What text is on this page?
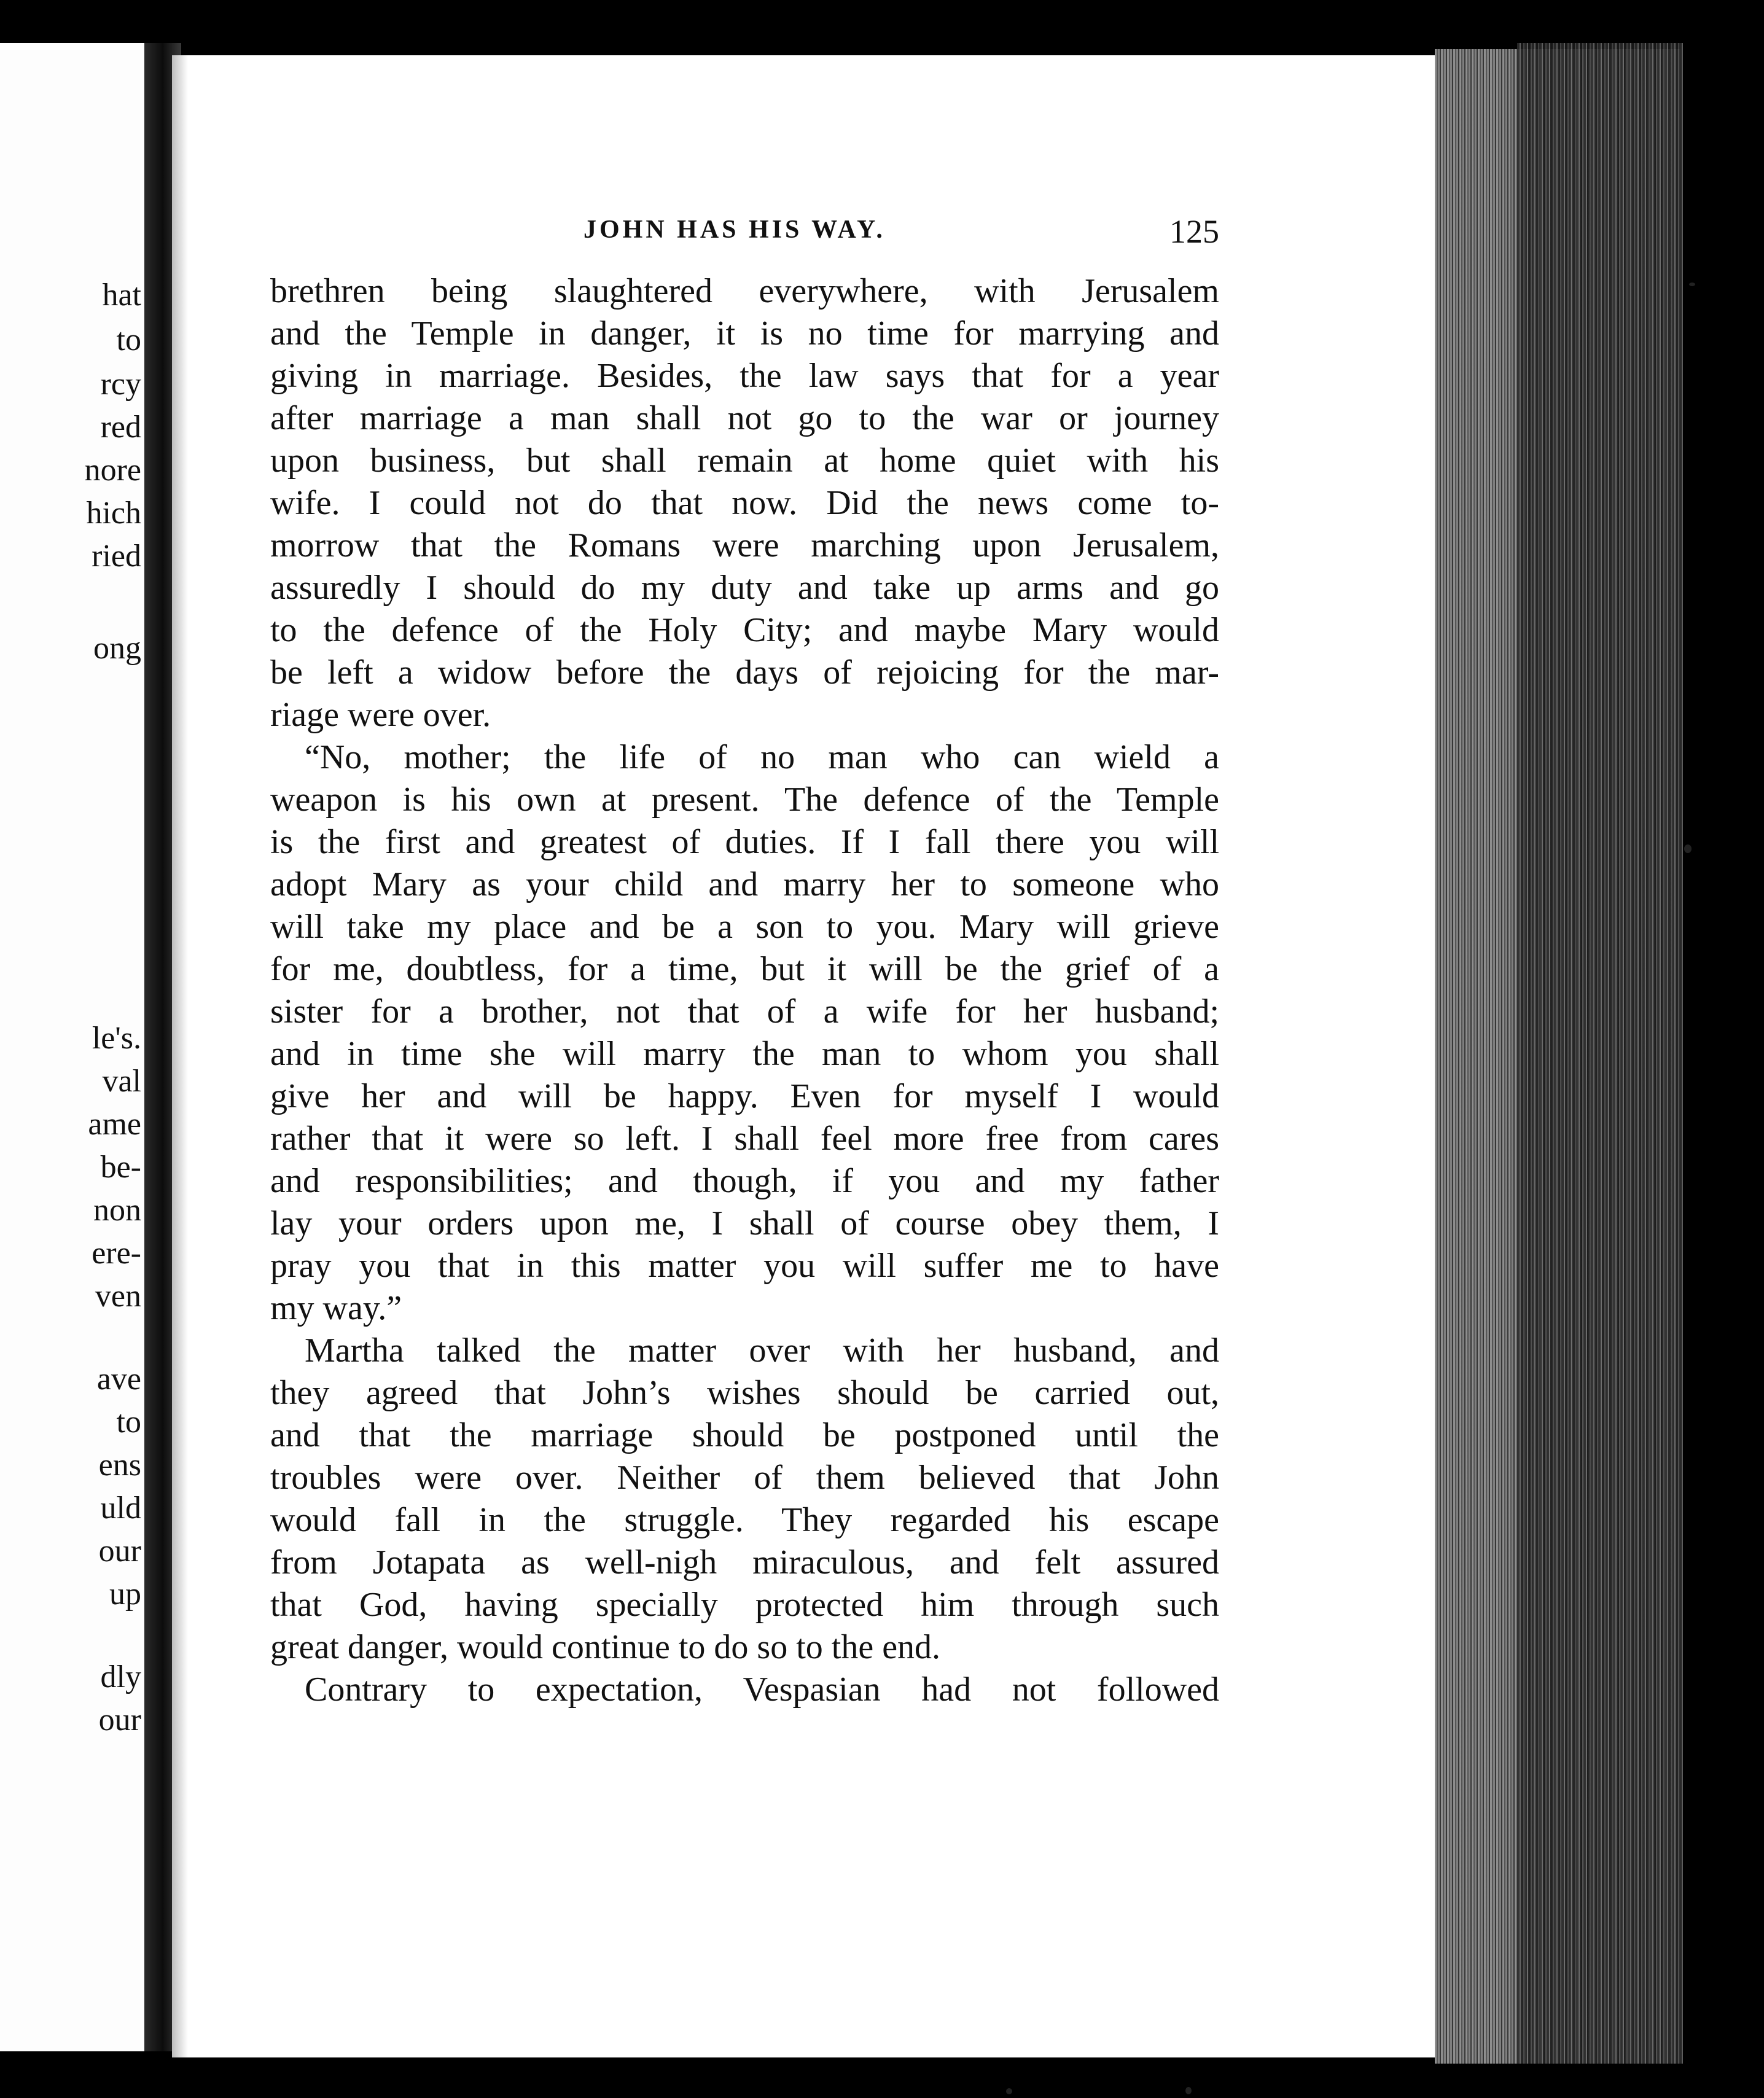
hat

to

rcy

red

nore

hich

ried

ong

le's.

val

ame

be-

non

ere-

ven

ave

to

ens

uld

our

up

dly

our

JOHN HAS HIS WAY.	125
brethren being slaughtered everywhere, with Jerusalem
and the Temple in danger, it is no time for marrying and
giving in marriage. Besides, the law says that for a year
after marriage a man shall not go to the war or journey
upon business, but shall remain at home quiet with his
wife. I could not do that now. Did the news come to-
morrow that the Romans were marching upon Jerusalem,
assuredly I should do my duty and take up arms and go
to the defence of the Holy City; and maybe Mary would
be left a widow before the days of rejoicing for the mar-
riage were over.
“No, mother; the life of no man who can wield a
weapon is his own at present. The defence of the Temple
is the first and greatest of duties. If I fall there you will
adopt Mary as your child and marry her to someone who
will take my place and be a son to you. Mary will grieve
for me, doubtless, for a time, but it will be the grief of a
sister for a brother, not that of a wife for her husband;
and in time she will marry the man to whom you shall
give her and will be happy. Even for myself I would
rather that it were so left. I shall feel more free from cares
and responsibilities; and though, if you and my father
lay your orders upon me, I shall of course obey them, I
pray you that in this matter you will suffer me to have
my way.”
Martha talked the matter over with her husband, and
they agreed that John’s wishes should be carried out,
and that the marriage should be postponed until the
troubles were over. Neither of them believed that John
would fall in the struggle. They regarded his escape
from Jotapata as well-nigh miraculous, and felt assured
that God, having specially protected him through such
great danger, would continue to do so to the end.
Contrary to expectation, Vespasian had not followed
